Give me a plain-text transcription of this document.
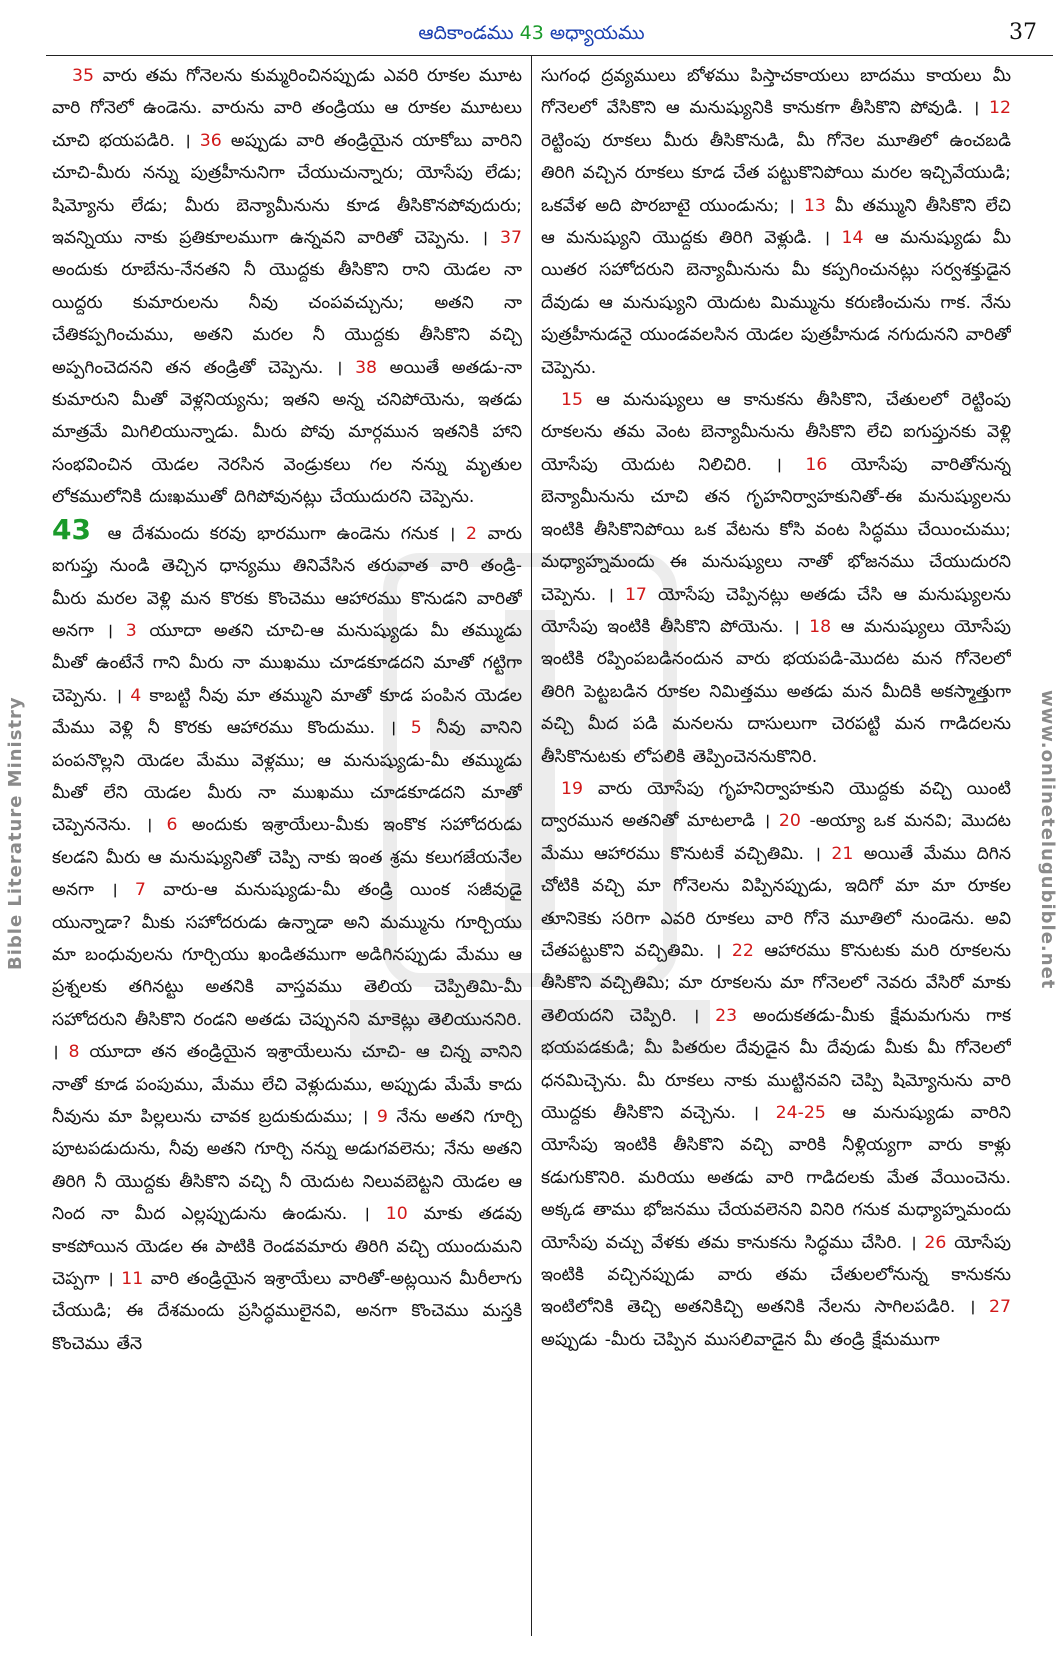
ఆదికాండము 43 అధ్యాయము	37
Bible Literature Ministry	www.onlinetelugubible.net

35 వారు తమ గోనెలను కుమ్మరించినప్పుడు ఎవరి రూకల మూట వారి గోనెలో ఉండెను. వారును వారి తండ్రియు ఆ రూకల మూటలు చూచి భయపడిరి. । 36 అప్పుడు వారి తండ్రియైన యాకోబు వారిని చూచి-మీరు నన్ను పుత్రహీనునిగా చేయుచున్నారు; యోసేపు లేడు; షిమ్యోను లేడు; మీరు బెన్యామీనును కూడ తీసికొనపోవుదురు; ఇవన్నియు నాకు ప్రతికూలముగా ఉన్నవని వారితో చెప్పెను. । 37 అందుకు రూబేను-నేనతని నీ యొద్దకు తీసికొని రాని యెడల నా యిద్దరు కుమారులను నీవు చంపవచ్చును; అతని నా చేతికప్పగించుము, అతని మరల నీ యొద్దకు తీసికొని వచ్చి అప్పగించెదనని తన తండ్రితో చెప్పెను. । 38 అయితే అతడు-నా కుమారుని మీతో వెళ్లనియ్యను; ఇతని అన్న చనిపోయెను, ఇతడు మాత్రమే మిగిలియున్నాడు. మీరు పోవు మార్గమున ఇతనికి హాని సంభవించిన యెడల నెరసిన వెండ్రుకలు గల నన్ను మృతుల లోకములోనికి దుఃఖముతో దిగిపోవునట్లు చేయుదురని చెప్పెను.

43 ఆ దేశమందు కరవు భారముగా ఉండెను గనుక । 2 వారు ఐగుప్తు నుండి తెచ్చిన ధాన్యము తినివేసిన తరువాత వారి తండ్రి-మీరు మరల వెళ్లి మన కొరకు కొంచెము ఆహారము కొనుడని వారితో అనగా । 3 యూదా అతని చూచి-ఆ మనుష్యుడు మీ తమ్ముడు మీతో ఉంటేనే గాని మీరు నా ముఖము చూడకూడదని మాతో గట్టిగా చెప్పెను. । 4 కాబట్టి నీవు మా తమ్ముని మాతో కూడ పంపిన యెడల మేము వెళ్లి నీ కొరకు ఆహారము కొందుము. । 5 నీవు వానిని పంపనొల్లని యెడల మేము వెళ్లము; ఆ మనుష్యుడు-మీ తమ్ముడు మీతో లేని యెడల మీరు నా ముఖము చూడకూడదని మాతో చెప్పెననెను. । 6 అందుకు ఇశ్రాయేలు-మీకు ఇంకొక సహోదరుడు కలడని మీరు ఆ మనుష్యునితో చెప్పి నాకు ఇంత శ్రమ కలుగజేయనేల అనగా । 7 వారు-ఆ మనుష్యుడు-మీ తండ్రి యింక సజీవుడై యున్నాడా? మీకు సహోదరుడు ఉన్నాడా అని మమ్మును గూర్చియు మా బంధువులను గూర్చియు ఖండితముగా అడిగినప్పుడు మేము ఆ ప్రశ్నలకు తగినట్టు అతనికి వాస్తవము తెలియ చెప్పితిమి-మీ సహోదరుని తీసికొని రండని అతడు చెప్పునని మాకెట్లు తెలియుననిరి. । 8 యూదా తన తండ్రియైన ఇశ్రాయేలును చూచి- ఆ చిన్న వానిని నాతో కూడ పంపుము, మేము లేచి వెళ్లుదుము, అప్పుడు మేమే కాదు నీవును మా పిల్లలును చావక బ్రదుకుదుము; । 9 నేను అతని గూర్చి పూటపడుదును, నీవు అతని గూర్చి నన్ను అడుగవలెను; నేను అతని తిరిగి నీ యొద్దకు తీసికొని వచ్చి నీ యెదుట నిలువబెట్టని యెడల ఆ నింద నా మీద ఎల్లప్పుడును ఉండును. । 10 మాకు తడవు కాకపోయిన యెడల ఈ పాటికి రెండవమారు తిరిగి వచ్చి యుందుమని చెప్పగా । 11 వారి తండ్రియైన ఇశ్రాయేలు వారితో-అట్లయిన మీరీలాగు చేయుడి; ఈ దేశమందు ప్రసిద్ధములైనవి, అనగా కొంచెము మస్తకి కొంచెము తేనె

సుగంధ ద్రవ్యములు బోళము పిస్తాచకాయలు బాదము కాయలు మీ గోనెలలో వేసికొని ఆ మనుష్యునికి కానుకగా తీసికొని పోవుడి. । 12 రెట్టింపు రూకలు మీరు తీసికొనుడి, మీ గోనెల మూతిలో ఉంచబడి తిరిగి వచ్చిన రూకలు కూడ చేత పట్టుకొనిపోయి మరల ఇచ్చివేయుడి; ఒకవేళ అది పొరబాటై యుండును; । 13 మీ తమ్ముని తీసికొని లేచి ఆ మనుష్యుని యొద్దకు తిరిగి వెళ్లుడి. । 14 ఆ మనుష్యుడు మీ యితర సహోదరుని బెన్యామీనును మీ కప్పగించునట్లు సర్వశక్తుడైన దేవుడు ఆ మనుష్యుని యెదుట మిమ్మును కరుణించును గాక. నేను పుత్రహీనుడనై యుండవలసిన యెడల పుత్రహీనుడ నగుదునని వారితో చెప్పెను.

15 ఆ మనుష్యులు ఆ కానుకను తీసికొని, చేతులలో రెట్టింపు రూకలను తమ వెంట బెన్యామీనును తీసికొని లేచి ఐగుప్తునకు వెళ్లి యోసేపు యెదుట నిలిచిరి. । 16 యోసేపు వారితోనున్న బెన్యామీనును చూచి తన గృహనిర్వాహకునితో-ఈ మనుష్యులను ఇంటికి తీసికొనిపోయి ఒక వేటను కోసి వంట సిద్ధము చేయించుము; మధ్యాహ్నమందు ఈ మనుష్యులు నాతో భోజనము చేయుదురని చెప్పెను. । 17 యోసేపు చెప్పినట్లు అతడు చేసి ఆ మనుష్యులను యోసేపు ఇంటికి తీసికొని పోయెను. । 18 ఆ మనుష్యులు యోసేపు ఇంటికి రప్పింపబడినందున వారు భయపడి-మొదట మన గోనెలలో తిరిగి పెట్టబడిన రూకల నిమిత్తము అతడు మన మీదికి అకస్మాత్తుగా వచ్చి మీద పడి మనలను దాసులుగా చెరపట్టి మన గాడిదలను తీసికొనుటకు లోపలికి తెప్పించెననుకొనిరి.

19 వారు యోసేపు గృహనిర్వాహకుని యొద్దకు వచ్చి యింటి ద్వారమున అతనితో మాటలాడి । 20 -అయ్యా ఒక మనవి; మొదట మేము ఆహారము కొనుటకే వచ్చితిమి. । 21 అయితే మేము దిగిన చోటికి వచ్చి మా గోనెలను విప్పినప్పుడు, ఇదిగో మా మా రూకల తూనికెకు సరిగా ఎవరి రూకలు వారి గోనె మూతిలో నుండెను. అవి చేతపట్టుకొని వచ్చితిమి. । 22 ఆహారము కొనుటకు మరి రూకలను తీసికొని వచ్చితిమి; మా రూకలను మా గోనెలలో నెవరు వేసిరో మాకు తెలియదని చెప్పిరి. । 23 అందుకతడు-మీకు క్షేమమగును గాక భయపడకుడి; మీ పితరుల దేవుడైన మీ దేవుడు మీకు మీ గోనెలలో ధనమిచ్చెను. మీ రూకలు నాకు ముట్టినవని చెప్పి షిమ్యోనును వారి యొద్దకు తీసికొని వచ్చెను. । 24-25 ఆ మనుష్యుడు వారిని యోసేపు ఇంటికి తీసికొని వచ్చి వారికి నీళ్లియ్యగా వారు కాళ్లు కడుగుకొనిరి. మరియు అతడు వారి గాడిదలకు మేత వేయించెను. అక్కడ తాము భోజనము చేయవలెనని వినిరి గనుక మధ్యాహ్నమందు యోసేపు వచ్చు వేళకు తమ కానుకను సిద్ధము చేసిరి. । 26 యోసేపు ఇంటికి వచ్చినప్పుడు వారు తమ చేతులలోనున్న కానుకను ఇంటిలోనికి తెచ్చి అతనికిచ్చి అతనికి నేలను సాగిలపడిరి. । 27 అప్పుడు -మీరు చెప్పిన ముసలివాడైన మీ తండ్రి క్షేమముగా
